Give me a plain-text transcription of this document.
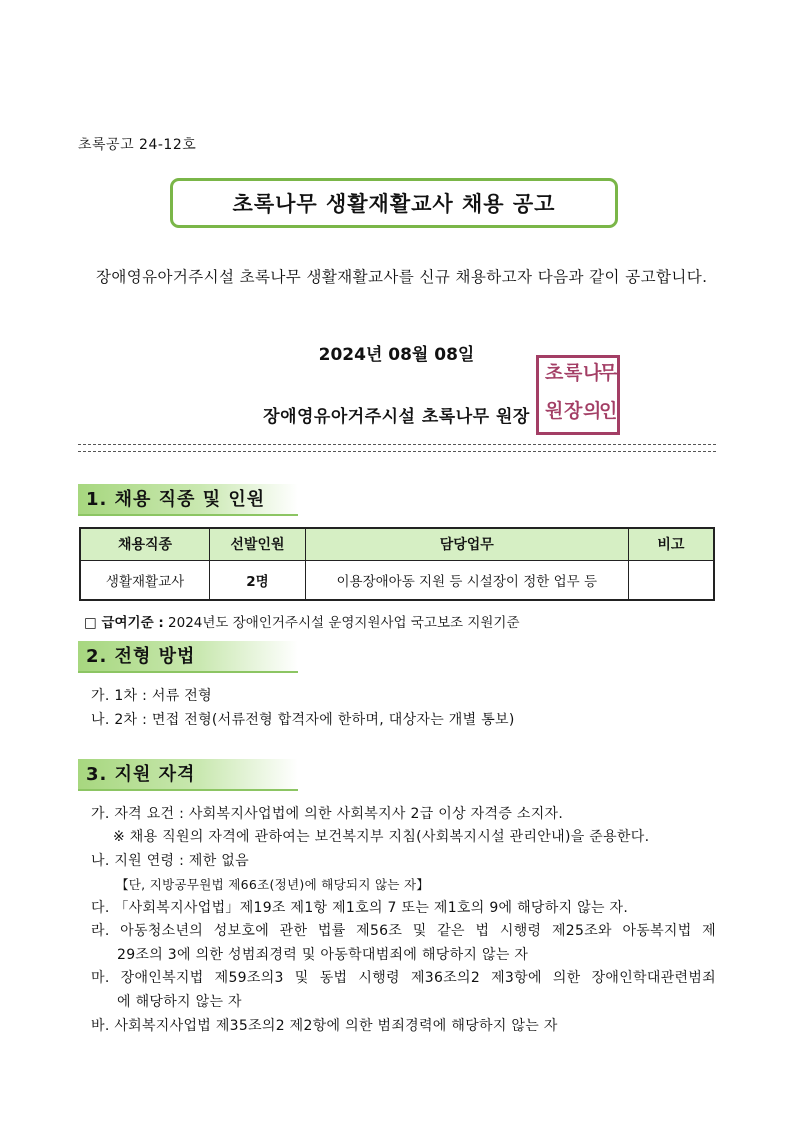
초록공고 24-12호
초록나무 생활재활교사 채용 공고
장애영유아거주시설 초록나무 생활재활교사를 신규 채용하고자 다음과 같이 공고합니다.
2024년 08월 08일
장애영유아거주시설 초록나무 원장
초 록 나
무
원 장 의
인
1. 채용 직종 및 인원
채용직종	선발인원	담당업무	비고
생활재활교사	2명	이용장애아동 지원 등 시설장이 정한 업무 등	
□ 급여기준 : 2024년도 장애인거주시설 운영지원사업 국고보조 지원기준
2. 전형 방법
가. 1차 : 서류 전형
나. 2차 : 면접 전형(서류전형 합격자에 한하며, 대상자는 개별 통보)
3. 지원 자격
가. 자격 요건 : 사회복지사업법에 의한 사회복지사 2급 이상 자격증 소지자.
※ 채용 직원의 자격에 관하여는 보건복지부 지침(사회복지시설 관리안내)을 준용한다.
나. 지원 연령 : 제한 없음
【단, 지방공무원법 제66조(정년)에 해당되지 않는 자】
다. 「사회복지사업법」제19조 제1항 제1호의 7 또는 제1호의 9에 해당하지 않는 자.
라. 아동청소년의 성보호에 관한 법률 제56조 및 같은 법 시행령 제25조와 아동복지법 제
29조의 3에 의한 성범죄경력 및 아동학대범죄에 해당하지 않는 자
마. 장애인복지법 제59조의3 및 동법 시행령 제36조의2 제3항에 의한 장애인학대관련범죄
에 해당하지 않는 자
바. 사회복지사업법 제35조의2 제2항에 의한 범죄경력에 해당하지 않는 자
